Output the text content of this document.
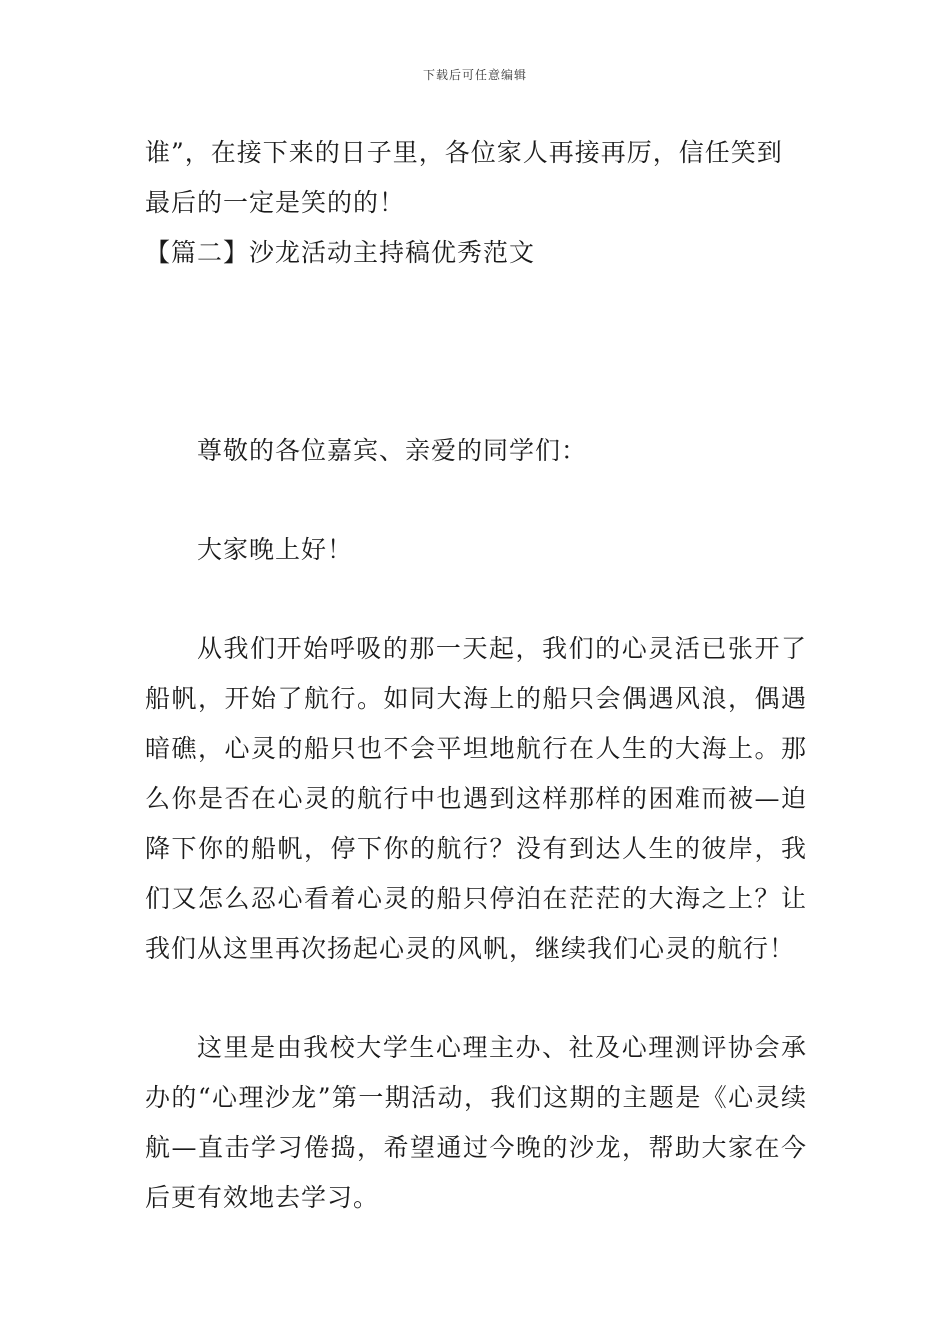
下载后可任意编辑
谁”，在接下来的日子里，各位家人再接再厉，信任笑到
最后的一定是笑的的！
【篇二】沙龙活动主持稿优秀范文
尊敬的各位嘉宾、亲爱的同学们：
大家晚上好！
从我们开始呼吸的那一天起，我们的心灵活已张开了船帆，开始了航行。如同大海上的船只会偶遇风浪，偶遇暗礁，心灵的船只也不会平坦地航行在人生的大海上。那么你是否在心灵的航行中也遇到这样那样的困难而被—迫降下你的船帆，停下你的航行？没有到达人生的彼岸，我们又怎么忍心看着心灵的船只停泊在茫茫的大海之上？让我们从这里再次扬起心灵的风帆，继续我们心灵的航行！
这里是由我校大学生心理主办、社及心理测评协会承办的“心理沙龙”第一期活动，我们这期的主题是《心灵续航—直击学习倦捣，希望通过今晚的沙龙，帮助大家在今后更有效地去学习。
